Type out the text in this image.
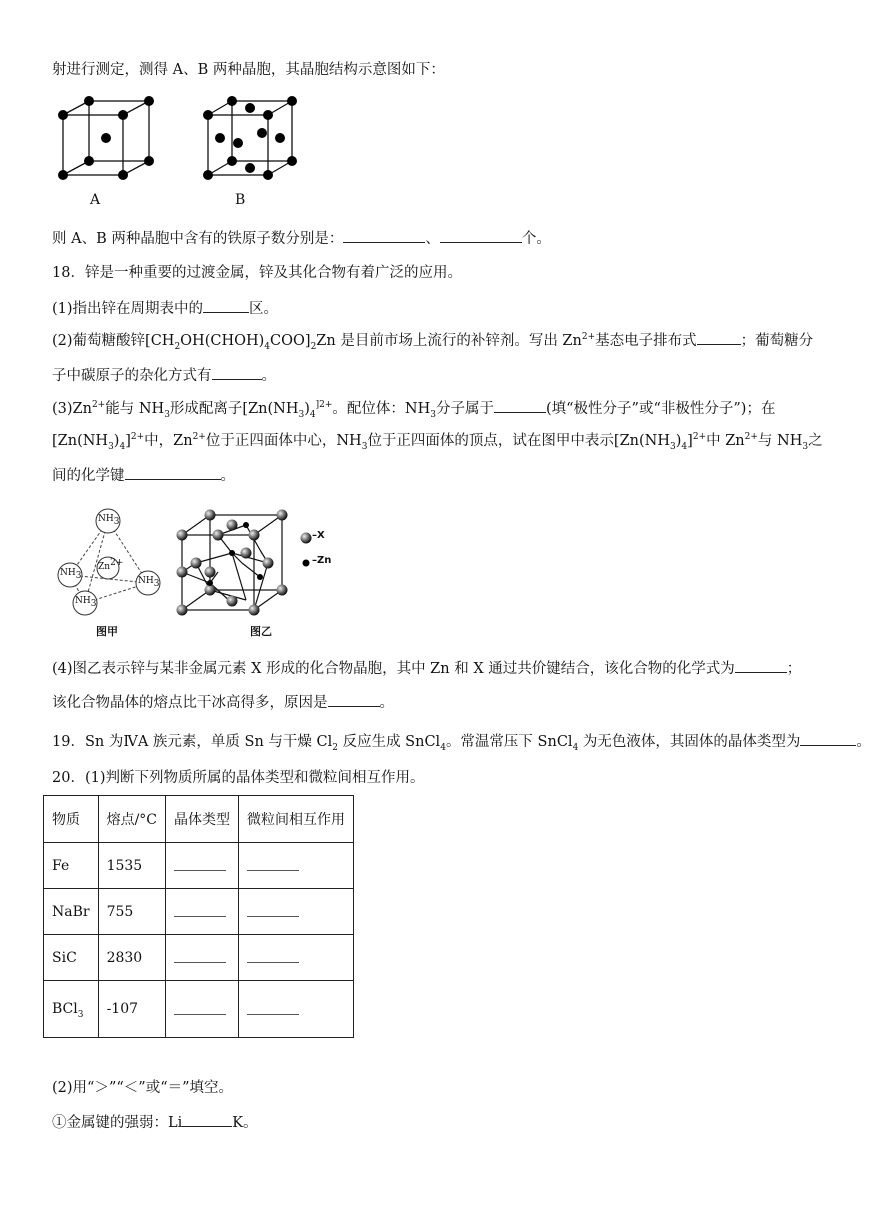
射进行测定，测得 A、B 两种晶胞，其晶胞结构示意图如下：
A	B
则 A、B 两种晶胞中含有的铁原子数分别是：	、	个。
18．锌是一种重要的过渡金属，锌及其化合物有着广泛的应用。
(1)指出锌在周期表中的	区。
(2)葡萄糖酸锌$[CH_2OH(CHOH)_4COO]_2Zn$ 是目前市场上流行的补锌剂。写出 $Zn^{2+}$基态电子排布式	；葡萄糖分
子中碳原子的杂化方式有	。
$(3)Zn^{2+}$能与 $NH_3$形成配离子[$Zn(NH_3)_4^{]2+}$。配位体：$NH_3$分子属于	(填“极性分子”或“非极性分子”)；在
$[Zn(NH_3)_4]^{2+}$中，$Zn^{2+}$位于正四面体中心，$NH_3$位于正四面体的顶点，试在图甲中表示$[Zn(NH_3)_4]^{2+}$中 $Zn^{2+}$与 $NH_3$之
间的化学键	。
$NH_3$
$NH_3$
$NH_3$
$NH_3$
$Zn^{2+}$
图甲
–X
–Zn
图乙
(4)图乙表示锌与某非金属元素 X 形成的化合物晶胞，其中 Zn 和 X 通过共价键结合，该化合物的化学式为	；
该化合物晶体的熔点比干冰高得多，原因是	。
19．Sn 为ⅣA 族元素，单质 Sn 与干燥 $Cl_2$ 反应生成 SnCl$_4$。常温常压下 SnCl$_4$ 为无色液体，其固体的晶体类型为	。
20．(1)判断下列物质所属的晶体类型和微粒间相互作用。
物质	熔点/°C	晶体类型	微粒间相互作用
Fe	1535		
NaBr	755		
SiC	2830		
BCl$_3$	-107		
(2)用“＞”“＜”或“＝”填空。
①金属键的强弱：Li	K。
